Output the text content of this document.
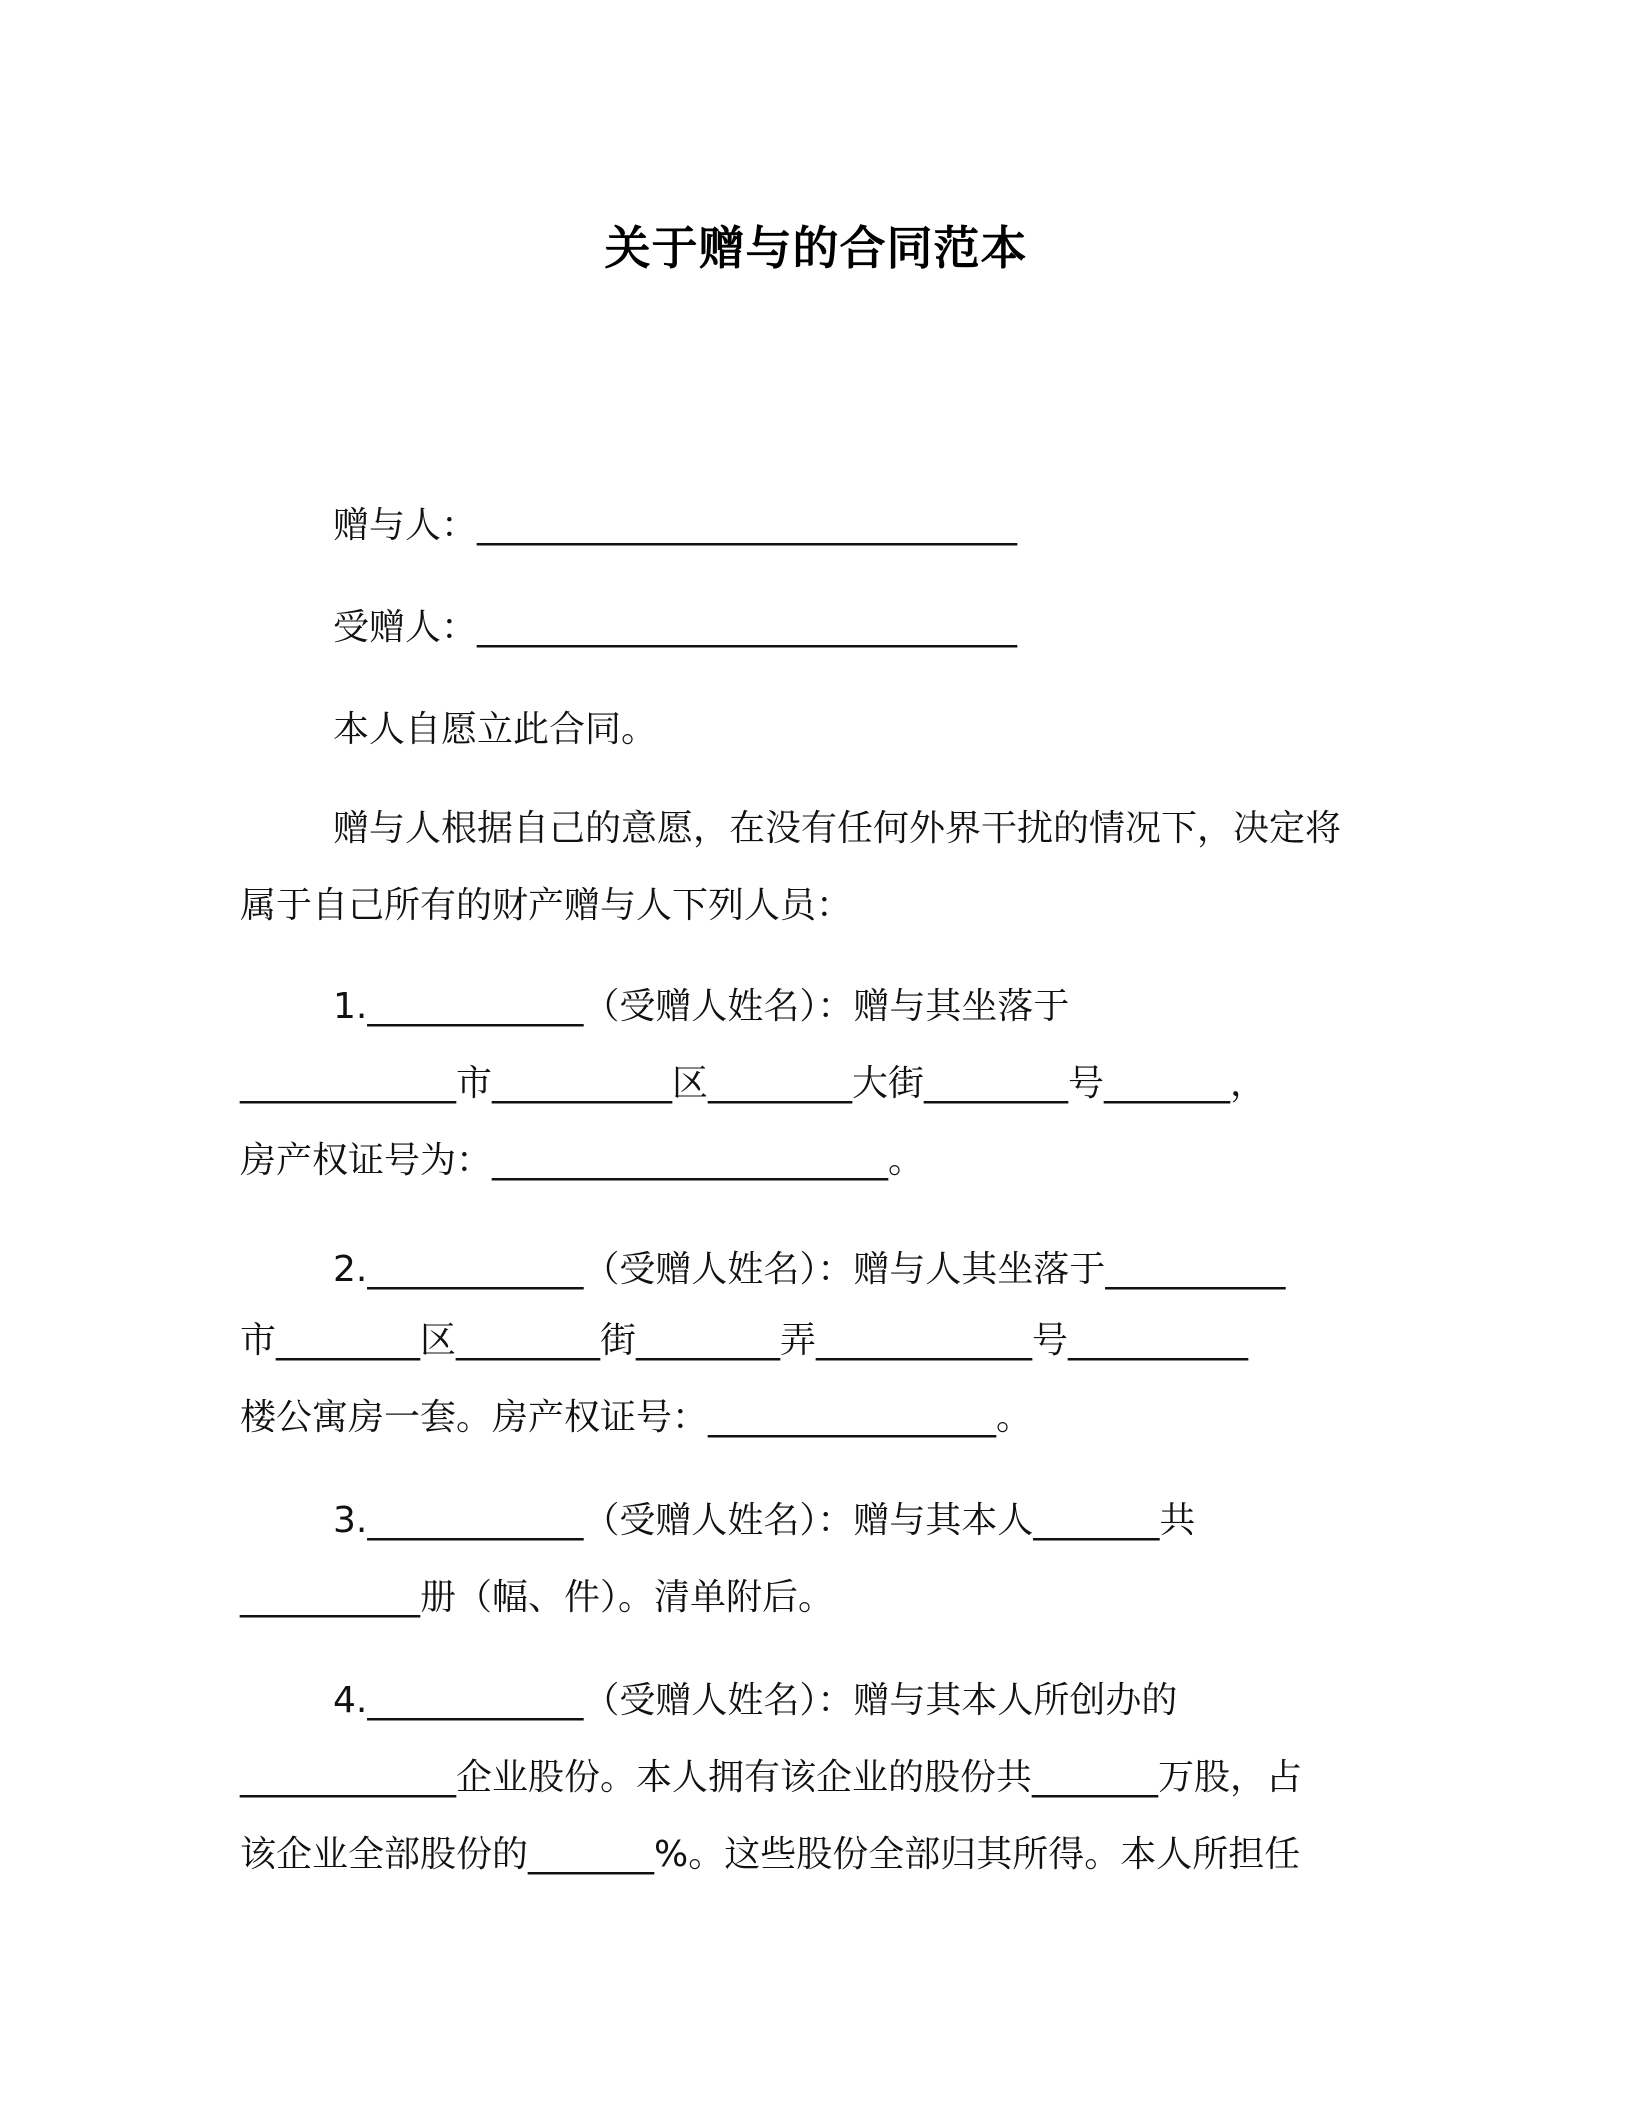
关于赠与的合同范本
赠与人：______________________________
受赠人：______________________________
本人自愿立此合同。
赠与人根据自己的意愿，在没有任何外界干扰的情况下，决定将
属于自己所有的财产赠与人下列人员：
1.____________（受赠人姓名）：赠与其坐落于
____________市__________区________大街________号_______，
房产权证号为：______________________。
2.____________（受赠人姓名）：赠与人其坐落于__________
市________区________街________弄____________号__________
楼公寓房一套。房产权证号：________________。
3.____________（受赠人姓名）：赠与其本人_______共
__________册（幅、件）。清单附后。
4.____________（受赠人姓名）：赠与其本人所创办的
____________企业股份。本人拥有该企业的股份共_______万股，占
该企业全部股份的_______%。这些股份全部归其所得。本人所担任
